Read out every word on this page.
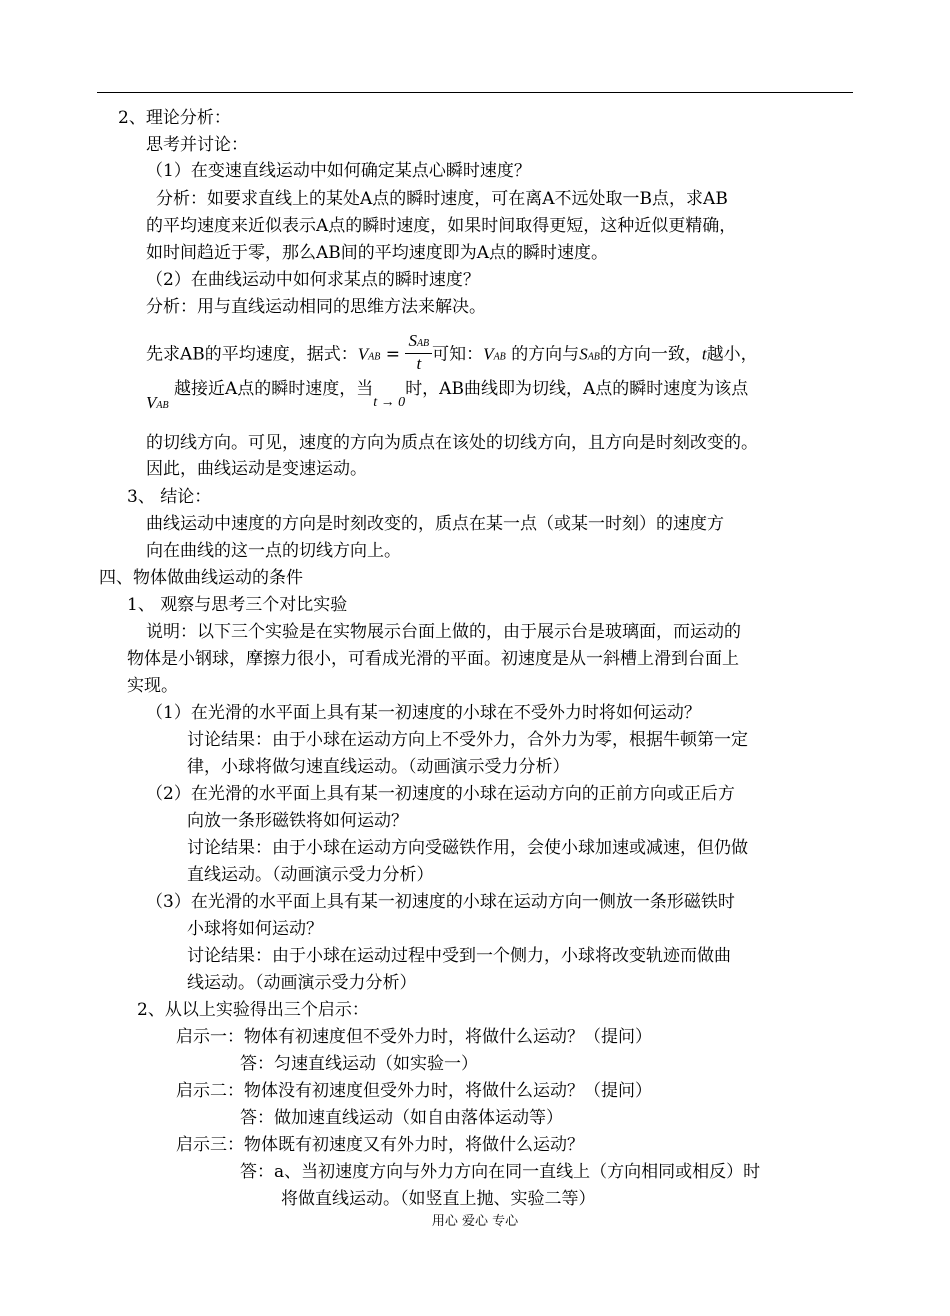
2、理论分析：
思考并讨论：
（1）在变速直线运动中如何确定某点心瞬时速度？
分析：如要求直线上的某处A点的瞬时速度，可在离A不远处取一B点，求AB
的平均速度来近似表示A点的瞬时速度，如果时间取得更短，这种近似更精确，
如时间趋近于零，那么AB间的平均速度即为A点的瞬时速度。
（2）在曲线运动中如何求某点的瞬时速度？
分析：用与直线运动相同的思维方法来解决。
先求AB的平均速度，据式：VAB = $\frac{\text{SAB}}{t}$ 可知：VAB 的方向与SAB的方向一致，t越小，
VAB 越接近A点的瞬时速度，当$_{t \to 0}$时，AB曲线即为切线，A点的瞬时速度为该点
的切线方向。可见，速度的方向为质点在该处的切线方向，且方向是时刻改变的。
因此，曲线运动是变速运动。
3、 结论：
曲线运动中速度的方向是时刻改变的，质点在某一点（或某一时刻）的速度方
向在曲线的这一点的切线方向上。
四、物体做曲线运动的条件
1、 观察与思考三个对比实验
说明：以下三个实验是在实物展示台面上做的，由于展示台是玻璃面，而运动的
物体是小钢球，摩擦力很小，可看成光滑的平面。初速度是从一斜槽上滑到台面上
实现。
（1）在光滑的水平面上具有某一初速度的小球在不受外力时将如何运动？
讨论结果：由于小球在运动方向上不受外力，合外力为零，根据牛顿第一定
律，小球将做匀速直线运动。（动画演示受力分析）
（2）在光滑的水平面上具有某一初速度的小球在运动方向的正前方向或正后方
向放一条形磁铁将如何运动？
讨论结果：由于小球在运动方向受磁铁作用，会使小球加速或减速，但仍做
直线运动。（动画演示受力分析）
（3）在光滑的水平面上具有某一初速度的小球在运动方向一侧放一条形磁铁时
小球将如何运动？
讨论结果：由于小球在运动过程中受到一个侧力，小球将改变轨迹而做曲
线运动。（动画演示受力分析）
2、从以上实验得出三个启示：
启示一：物体有初速度但不受外力时，将做什么运动？（提问）
答：匀速直线运动（如实验一）
启示二：物体没有初速度但受外力时，将做什么运动？（提问）
答：做加速直线运动（如自由落体运动等）
启示三：物体既有初速度又有外力时，将做什么运动？
答：a、当初速度方向与外力方向在同一直线上（方向相同或相反）时
将做直线运动。（如竖直上抛、实验二等）
用心 爱心 专心
